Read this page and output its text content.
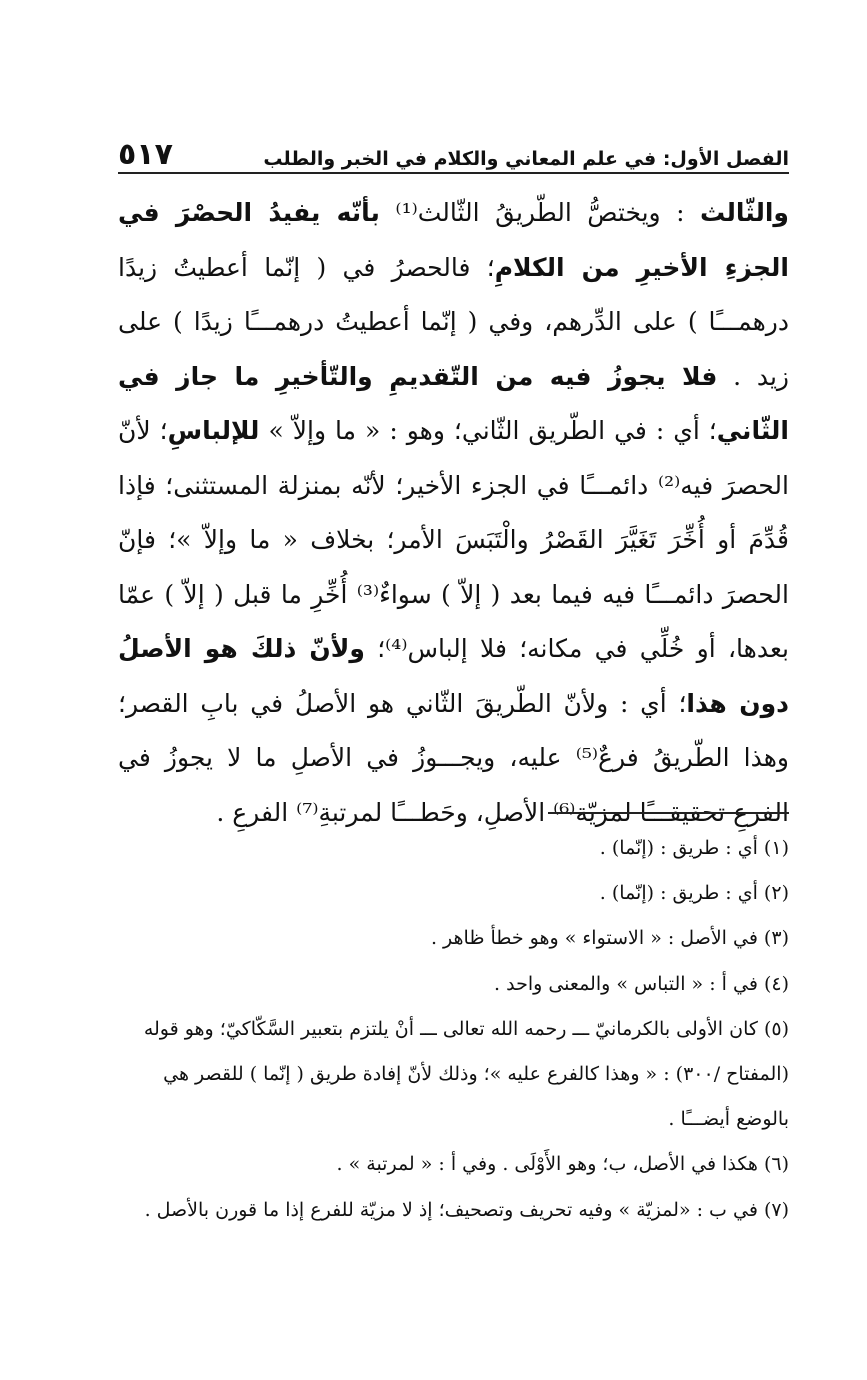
الفصل الأول: في علم المعاني والكلام في الخبر والطلب
٥١٧

والثّالث : ويختصُّ الطّريقُ الثّالث⁽¹⁾ بأنّه يفيدُ الحصْرَ في الجزءِ الأخيرِ من الكلامِ؛ فالحصرُ في ( إنّما أعطيتُ زيدًا درهمـــًا ) على الدِّرهم، وفي ( إنّما أعطيتُ درهمـــًا زيدًا ) على زيد . فلا يجوزُ فيه من التّقديمِ والتّأخيرِ ما جاز في الثّاني؛ أي : في الطّريق الثّاني؛ وهو : « ما وإلاّ » للإلباسِ؛ لأنّ الحصرَ فيه⁽²⁾ دائمـــًا في الجزء الأخير؛ لأنّه بمنزلة المستثنى؛ فإذا قُدِّمَ أو أُخِّرَ تَغَيَّرَ القَصْرُ والْتَبَسَ الأمر؛ بخلاف « ما وإلاّ »؛ فإنّ الحصرَ دائمـــًا فيه فيما بعد ( إلاّ ) سواءٌ⁽³⁾ أُخِّرِ ما قبل ( إلاّ ) عمّا بعدها، أو خُلِّي في مكانه؛ فلا إلباس⁽⁴⁾؛ ولأنّ ذلكَ هو الأصلُ دون هذا؛ أي : ولأنّ الطّريقَ الثّاني هو الأصلُ في بابِ القصر؛ وهذا الطّريقُ فرعٌ⁽⁵⁾ عليه، ويجـــوزُ في الأصلِ ما لا يجوزُ في الفرعِ تحقيقـــًا لمزيّة⁽⁶⁾ الأصلِ، وحَطـــًا لمرتبةِ⁽⁷⁾ الفرعِ .

(١) أي : طريق : (إنّما) .

(٢) أي : طريق : (إنّما) .

(٣) في الأصل : « الاستواء » وهو خطأ ظاهر .

(٤) في أ : « التباس » والمعنى واحد .

(٥) كان الأولى بالكرمانيّ ـــ رحمه الله تعالى ـــ أنْ يلتزم بتعبير السَّكّاكيّ؛ وهو قوله (المفتاح /٣٠٠) : « وهذا كالفرع عليه »؛ وذلك لأنّ إفادة طريق ( إنّما ) للقصر هي بالوضع أيضـــًا .

(٦) هكذا في الأصل، ب؛ وهو الأَوْلَى . وفي أ : « لمرتبة » .

(٧) في ب : «لمزيّة » وفيه تحريف وتصحيف؛ إذ لا مزيّة للفرع إذا ما قورن بالأصل .
